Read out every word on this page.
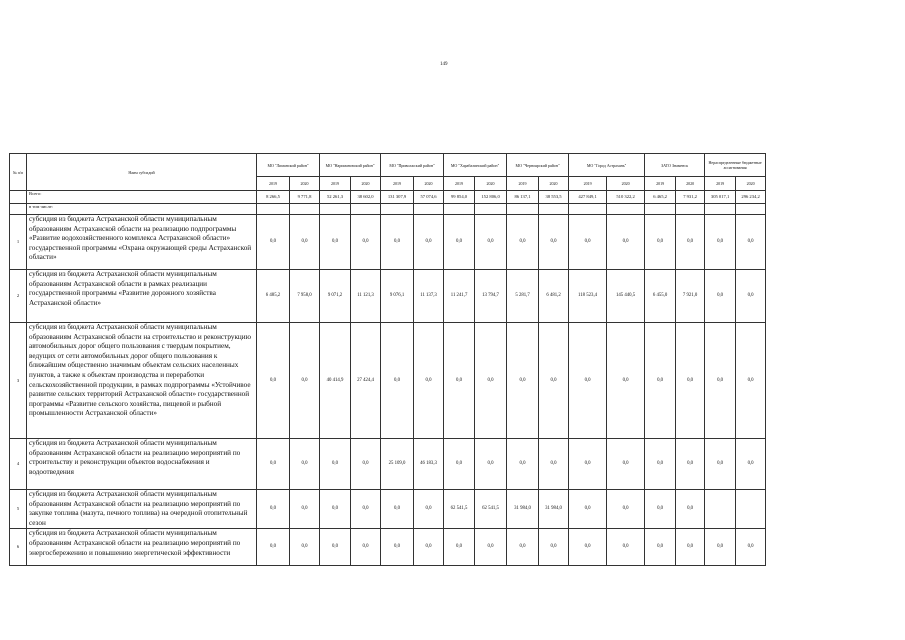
149
№ п/п	Наим субсидий	МО "Лиманский район"		МО "Наримановский район"		МО "Приволжский район"		МО "Харабалинский район"		МО "Черноярский район"		МО "Город Астрахань"		ЗАТО Знаменск		Нераспределенные бюджетные ассигнования	
		2019	2020	2019	2020	2019	2020	2019	2020	2019	2020	2019	2020	2019	2020	2019	2020
	Всего:	8 266,5	9 771,8	52 261,3	38 602,0	131 307,9	57 074,6	99 854,0	152 806,0	86 137,1	38 553,5	427 849,1	510 322,2	6 465,2	7 931,2	305 017,1	296 234,2
	в том числе:																
1	субсидия из бюджета Астраханской области муниципальным образованиям Астраханской области на реализацию подпрограммы «Развитие водохозяйственного комплекса Астраханской области» государственной программы «Охрана окружающей среды Астраханской области»	0,0	0,0	0,0	0,0	0,0	0,0	0,0	0,0	0,0	0,0	0,0	0,0	0,0	0,0	0,0	0,0
2	субсидия из бюджета Астраханской области муниципальным образованиям Астраханской области в рамках реализации государственной программы «Развитие дорожного хозяйства Астраханской области»	6 485,2	7 958,0	9 071,2	11 121,3	9 076,1	11 137,3	11 241,7	13 794,7	5 281,7	6 481,2	118 523,4	145 440,5	6 455,0	7 921,0	0,0	0,0
3	субсидия из бюджета Астраханской области муниципальным образованиям Астраханской области на строительство и реконструкцию автомобильных дорог общего пользования с твердым покрытием, ведущих от сети автомобильных дорог общего пользования к ближайшим общественно значимым объектам сельских населенных пунктов, а также к объектам производства и переработки сельскохозяйственной продукции, в рамках подпрограммы «Устойчивое развитие сельских территорий Астраханской области» государственной программы «Развитие сельского хозяйства, пищевой и рыбной промышленности Астраханской области»	0,0	0,0	40 414,9	27 424,4	0,0	0,0	0,0	0,0	0,0	0,0	0,0	0,0	0,0	0,0	0,0	0,0
4	субсидия из бюджета Астраханской области муниципальным образованиям Астраханской области на реализацию мероприятий по строительству и реконструкции объектов водоснабжения и водоотведения	0,0	0,0	0,0	0,0	25 109,0	46 183,3	0,0	0,0	0,0	0,0	0,0	0,0	0,0	0,0	0,0	0,0
5	субсидия из бюджета Астраханской области муниципальным образованиям Астраханской области на реализацию мероприятий по закупке топлива (мазута, печного топлива) на очередной отопительный сезон	0,0	0,0	0,0	0,0	0,0	0,0	62 541,5	62 541,5	31 984,0	31 984,0	0,0	0,0	0,0	0,0		
6	субсидия из бюджета Астраханской области муниципальным образованиям Астраханской области на реализацию мероприятий по энергосбережению и повышению энергетической эффективности	0,0	0,0	0,0	0,0	0,0	0,0	0,0	0,0	0,0	0,0	0,0	0,0	0,0	0,0	0,0	0,0
